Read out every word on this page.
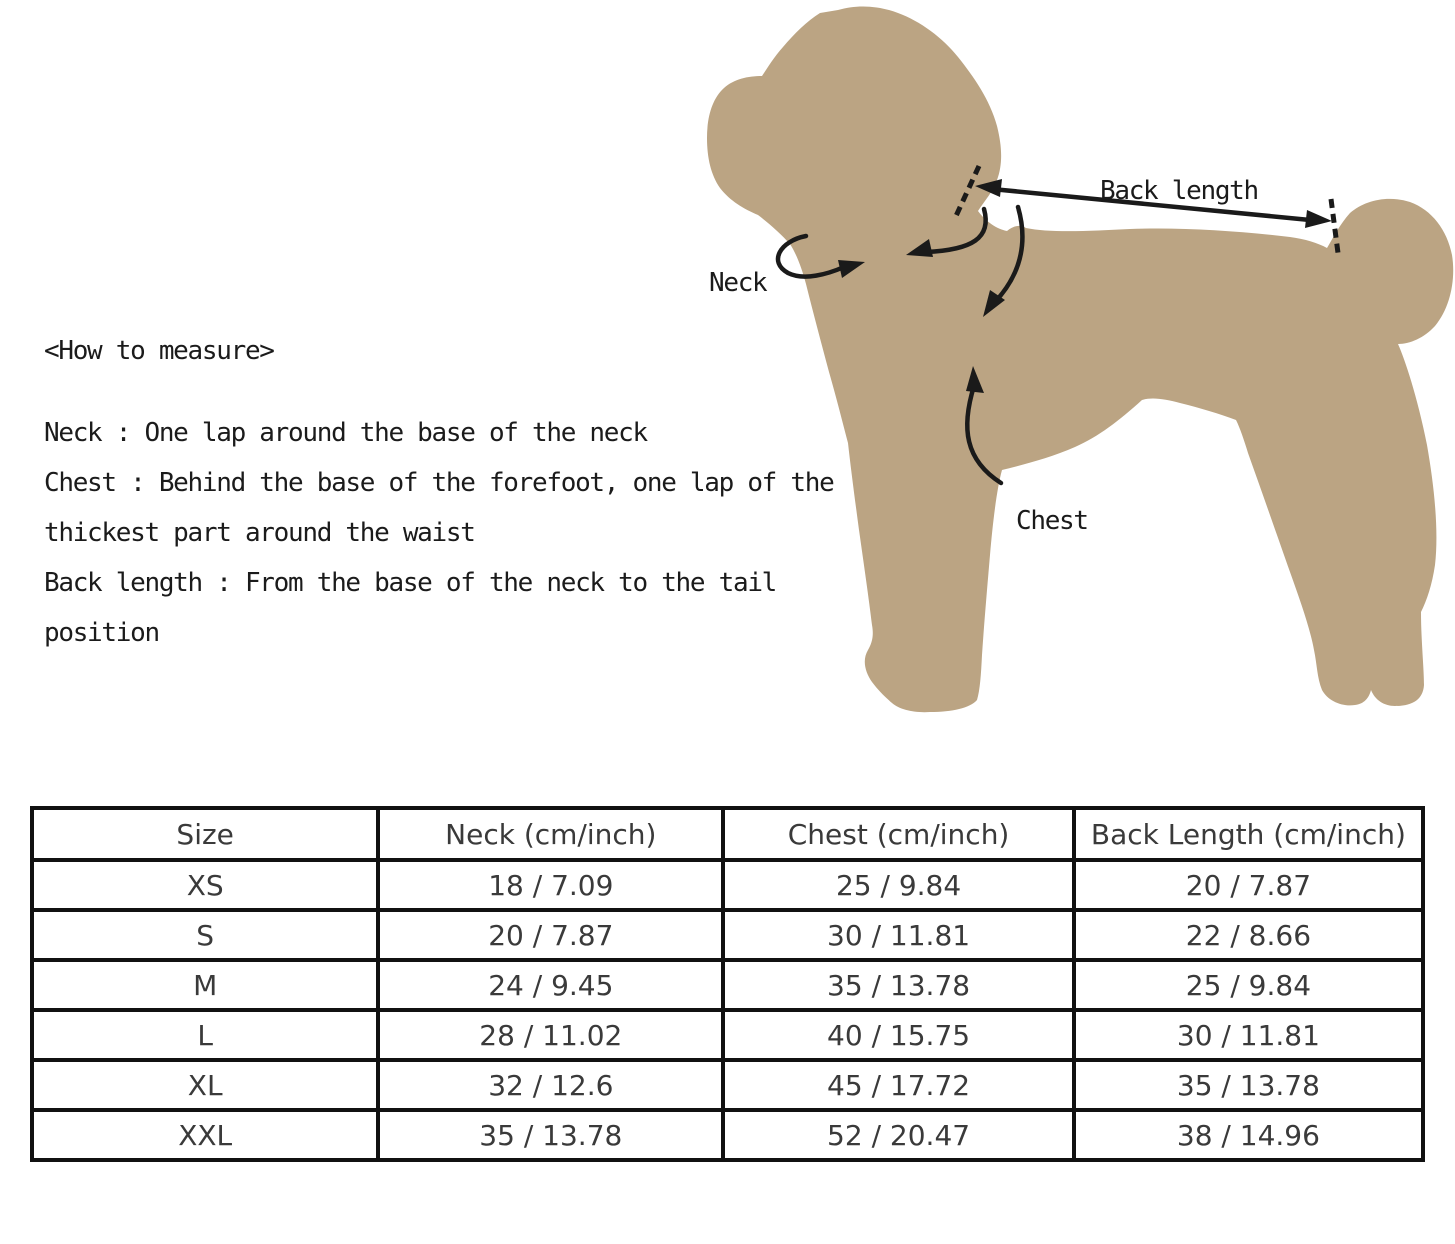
Back length
Neck
Chest
<How to measure>
Neck : One lap around the base of the neck
Chest : Behind the base of the forefoot, one lap of the
thickest part around the waist
Back length : From the base of the neck to the tail
position
Size	Neck (cm/inch)	Chest (cm/inch)	Back Length (cm/inch)
XS	18 / 7.09	25 / 9.84	20 / 7.87
S	20 / 7.87	30 / 11.81	22 / 8.66
M	24 / 9.45	35 / 13.78	25 / 9.84
L	28 / 11.02	40 / 15.75	30 / 11.81
XL	32 / 12.6	45 / 17.72	35 / 13.78
XXL	35 / 13.78	52 / 20.47	38 / 14.96
